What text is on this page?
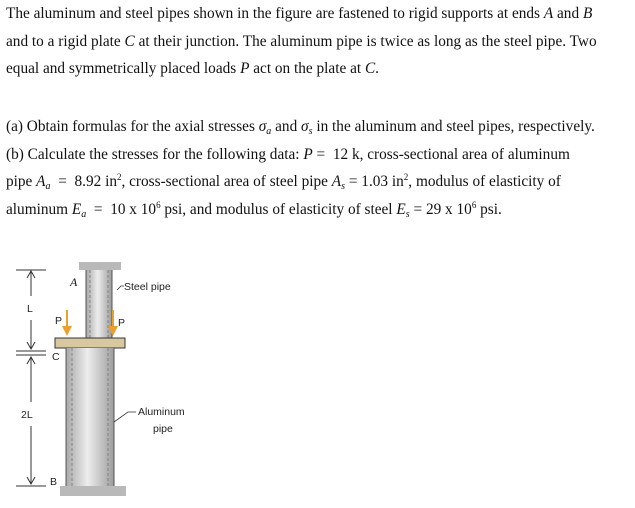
The aluminum and steel pipes shown in the figure are fastened to rigid supports at ends A and B
and to a rigid plate C at their junction. The aluminum pipe is twice as long as the steel pipe. Two
equal and symmetrically placed loads P act on the plate at C.
(a) Obtain formulas for the axial stresses $\sigma_a$ and $\sigma_s$ in the aluminum and steel pipes, respectively.
(b) Calculate the stresses for the following data: P = 12 k, cross-sectional area of aluminum
pipe $A_a = 8.92$ $in^2$, cross-sectional area of steel pipe $A_s = 1.03$ $in^2$, modulus of elasticity of
aluminum $E_a = 10$ x $10^6$ psi, and modulus of elasticity of steel $E_s = 29$ x $10^6$ psi.
A
B
C
L
2L
P	P
Steel pipe
Aluminum
pipe
